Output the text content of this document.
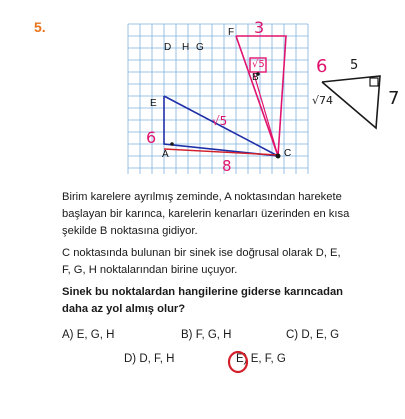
5.
D H G
F
B
E
A	C
3
√5
√5
6
8
6 5
7
√74
Birim karelere ayrılmış zeminde, A noktasından harekete
başlayan bir karınca, karelerin kenarları üzerinden en kısa
şekilde B noktasına gidiyor.
C noktasında bulunan bir sinek ise doğrusal olarak D, E,
F, G, H noktalarından birine uçuyor.
Sinek bu noktalardan hangilerine giderse karıncadan
daha az yol almış olur?
A) E, G, H	B) F, G, H	C) D, E, G
D) D, F, H	E) E, F, G
